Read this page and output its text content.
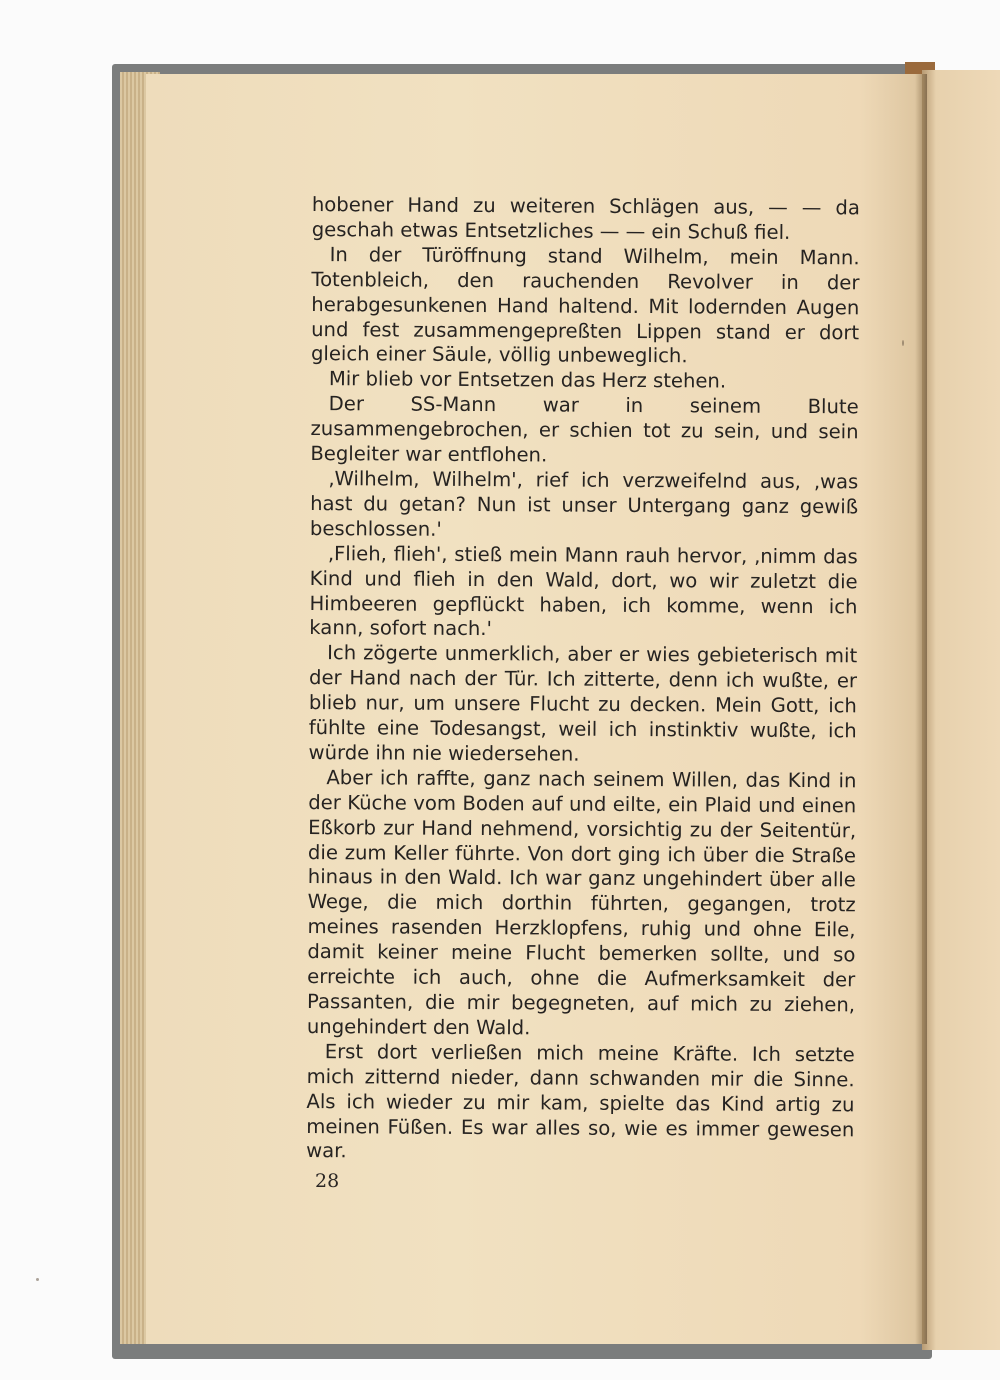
hobener Hand zu weiteren Schlägen aus, — — da geschah etwas Entsetzliches — — ein Schuß fiel.

In der Türöffnung stand Wilhelm, mein Mann. Totenbleich, den rauchenden Revolver in der herabgesunkenen Hand haltend. Mit lodernden Augen und fest zusammengepreßten Lippen stand er dort gleich einer Säule, völlig unbeweglich.

Mir blieb vor Entsetzen das Herz stehen.

Der SS-Mann war in seinem Blute zusammengebrochen, er schien tot zu sein, und sein Begleiter war entflohen.

‚Wilhelm, Wilhelm', rief ich verzweifelnd aus, ‚was hast du getan? Nun ist unser Untergang ganz gewiß beschlossen.'

‚Flieh, flieh', stieß mein Mann rauh hervor, ‚nimm das Kind und flieh in den Wald, dort, wo wir zuletzt die Himbeeren gepflückt haben, ich komme, wenn ich kann, sofort nach.'

Ich zögerte unmerklich, aber er wies gebieterisch mit der Hand nach der Tür. Ich zitterte, denn ich wußte, er blieb nur, um unsere Flucht zu decken. Mein Gott, ich fühlte eine Todesangst, weil ich instinktiv wußte, ich würde ihn nie wiedersehen.

Aber ich raffte, ganz nach seinem Willen, das Kind in der Küche vom Boden auf und eilte, ein Plaid und einen Eßkorb zur Hand nehmend, vorsichtig zu der Seitentür, die zum Keller führte. Von dort ging ich über die Straße hinaus in den Wald. Ich war ganz ungehindert über alle Wege, die mich dorthin führten, gegangen, trotz meines rasenden Herzklopfens, ruhig und ohne Eile, damit keiner meine Flucht bemerken sollte, und so erreichte ich auch, ohne die Aufmerksamkeit der Passanten, die mir begegneten, auf mich zu ziehen, ungehindert den Wald.

Erst dort verließen mich meine Kräfte. Ich setzte mich zitternd nieder, dann schwanden mir die Sinne. Als ich wieder zu mir kam, spielte das Kind artig zu meinen Füßen. Es war alles so, wie es immer gewesen war.

28
